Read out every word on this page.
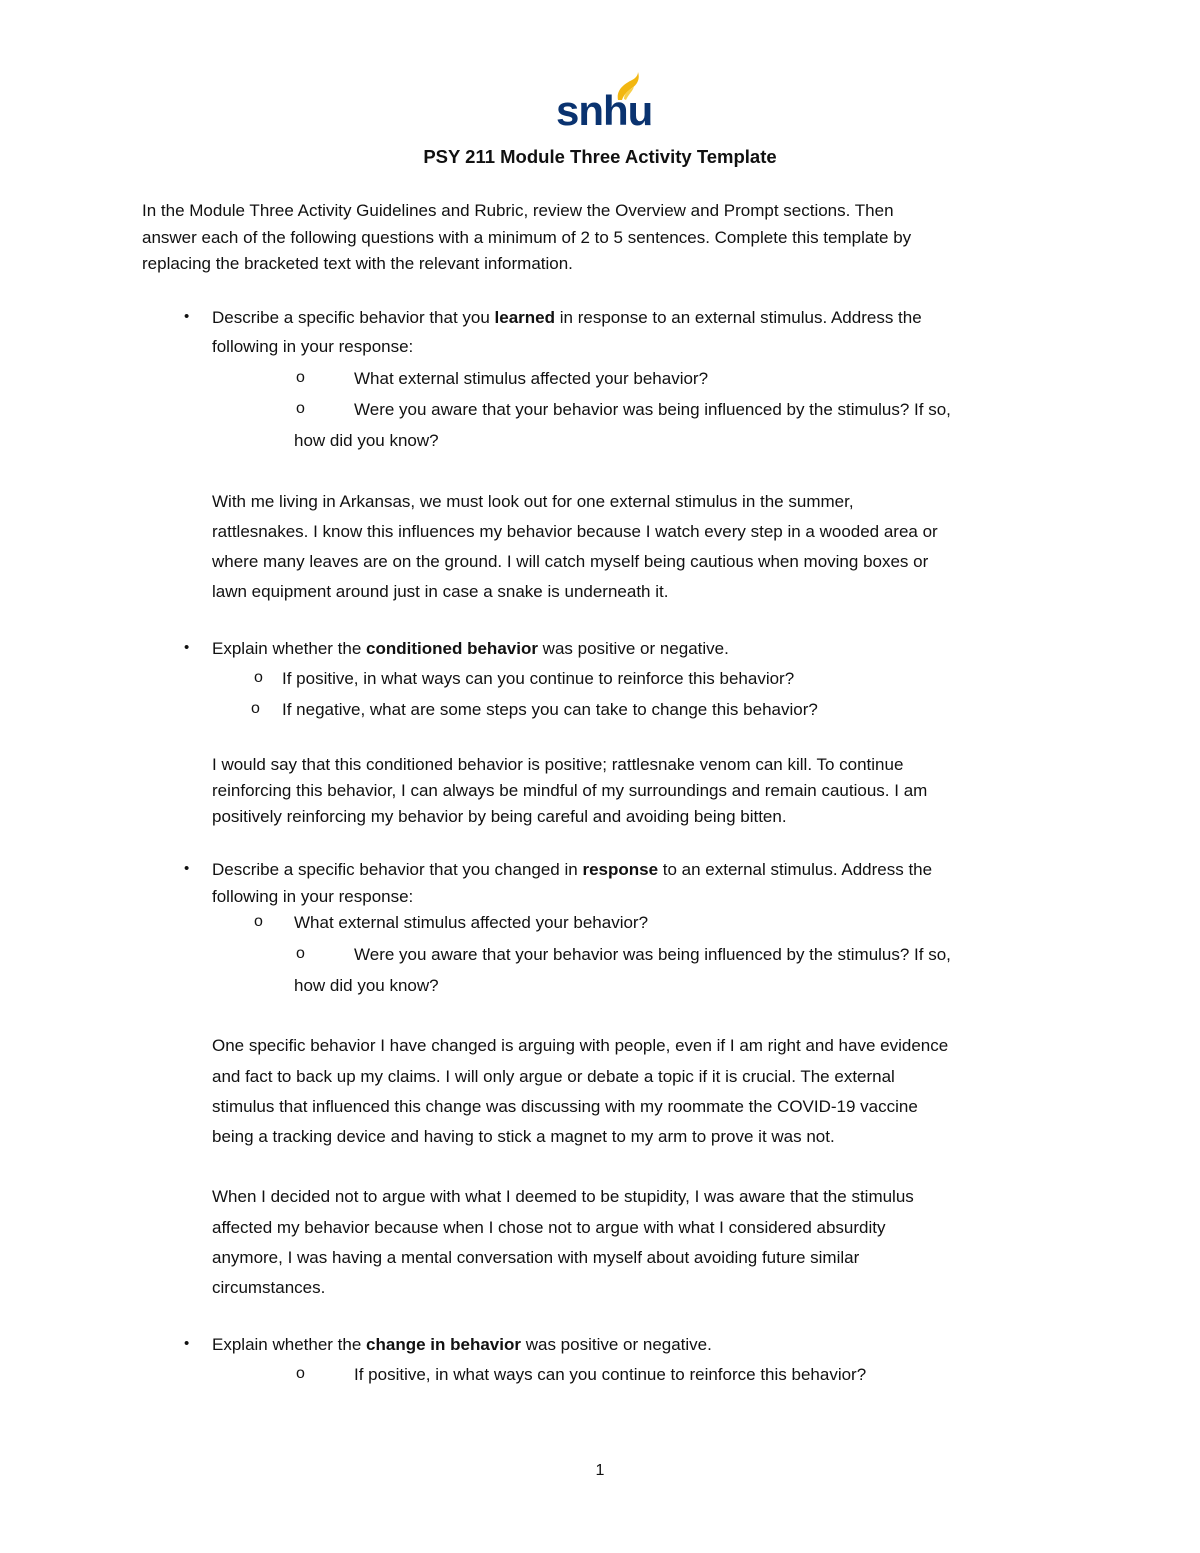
snhu
PSY 211 Module Three Activity Template
In the Module Three Activity Guidelines and Rubric, review the Overview and Prompt sections. Then
answer each of the following questions with a minimum of 2 to 5 sentences. Complete this template by
replacing the bracketed text with the relevant information.
• Describe a specific behavior that you learned in response to an external stimulus. Address the
following in your response:
o	What external stimulus affected your behavior?
o	Were you aware that your behavior was being influenced by the stimulus? If so,
how did you know?
With me living in Arkansas, we must look out for one external stimulus in the summer,
rattlesnakes. I know this influences my behavior because I watch every step in a wooded area or
where many leaves are on the ground. I will catch myself being cautious when moving boxes or
lawn equipment around just in case a snake is underneath it.
• Explain whether the conditioned behavior was positive or negative.
o If positive, in what ways can you continue to reinforce this behavior?
o If negative, what are some steps you can take to change this behavior?
I would say that this conditioned behavior is positive; rattlesnake venom can kill. To continue
reinforcing this behavior, I can always be mindful of my surroundings and remain cautious. I am
positively reinforcing my behavior by being careful and avoiding being bitten.
• Describe a specific behavior that you changed in response to an external stimulus. Address the
following in your response:
o What external stimulus affected your behavior?
o	Were you aware that your behavior was being influenced by the stimulus? If so,
how did you know?
One specific behavior I have changed is arguing with people, even if I am right and have evidence
and fact to back up my claims. I will only argue or debate a topic if it is crucial. The external
stimulus that influenced this change was discussing with my roommate the COVID-19 vaccine
being a tracking device and having to stick a magnet to my arm to prove it was not.
When I decided not to argue with what I deemed to be stupidity, I was aware that the stimulus
affected my behavior because when I chose not to argue with what I considered absurdity
anymore, I was having a mental conversation with myself about avoiding future similar
circumstances.
• Explain whether the change in behavior was positive or negative.
o	If positive, in what ways can you continue to reinforce this behavior?
1
